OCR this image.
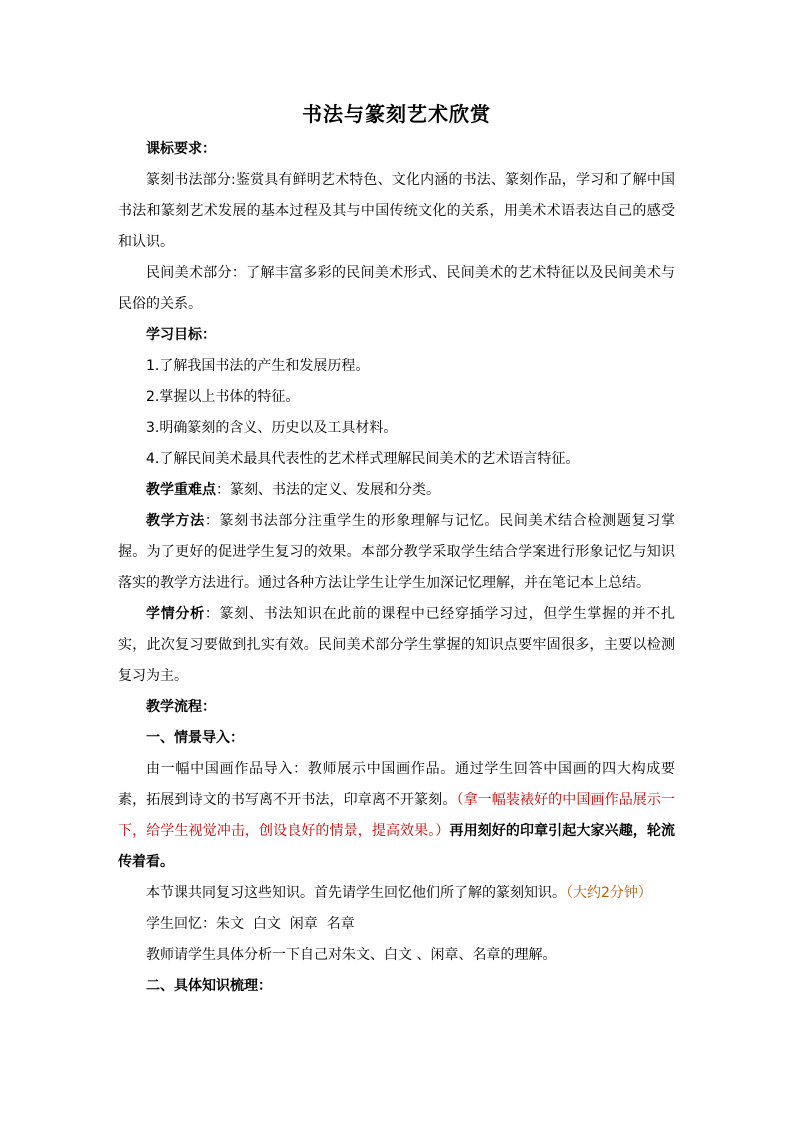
书法与篆刻艺术欣赏

课标要求：

篆刻书法部分:鉴赏具有鲜明艺术特色、文化内涵的书法、篆刻作品，学习和了解中国书法和篆刻艺术发展的基本过程及其与中国传统文化的关系，用美术术语表达自己的感受和认识。

民间美术部分：了解丰富多彩的民间美术形式、民间美术的艺术特征以及民间美术与民俗的关系。

学习目标：

1.了解我国书法的产生和发展历程。

2.掌握以上书体的特征。

3.明确篆刻的含义、历史以及工具材料。

4.了解民间美术最具代表性的艺术样式理解民间美术的艺术语言特征。

教学重难点：篆刻、书法的定义、发展和分类。

教学方法：篆刻书法部分注重学生的形象理解与记忆。民间美术结合检测题复习掌握。为了更好的促进学生复习的效果。本部分教学采取学生结合学案进行形象记忆与知识落实的教学方法进行。通过各种方法让学生让学生加深记忆理解，并在笔记本上总结。

学情分析：篆刻、书法知识在此前的课程中已经穿插学习过，但学生掌握的并不扎实，此次复习要做到扎实有效。民间美术部分学生掌握的知识点要牢固很多，主要以检测复习为主。

教学流程：

一、情景导入：

由一幅中国画作品导入：教师展示中国画作品。通过学生回答中国画的四大构成要素，拓展到诗文的书写离不开书法，印章离不开篆刻。（拿一幅装裱好的中国画作品展示一下，给学生视觉冲击，创设良好的情景，提高效果。）再用刻好的印章引起大家兴趣，轮流传着看。

本节课共同复习这些知识。首先请学生回忆他们所了解的篆刻知识。（大约2分钟）

学生回忆：朱文  白文  闲章  名章

教师请学生具体分析一下自己对朱文、白文 、闲章、名章的理解。

二、具体知识梳理：
